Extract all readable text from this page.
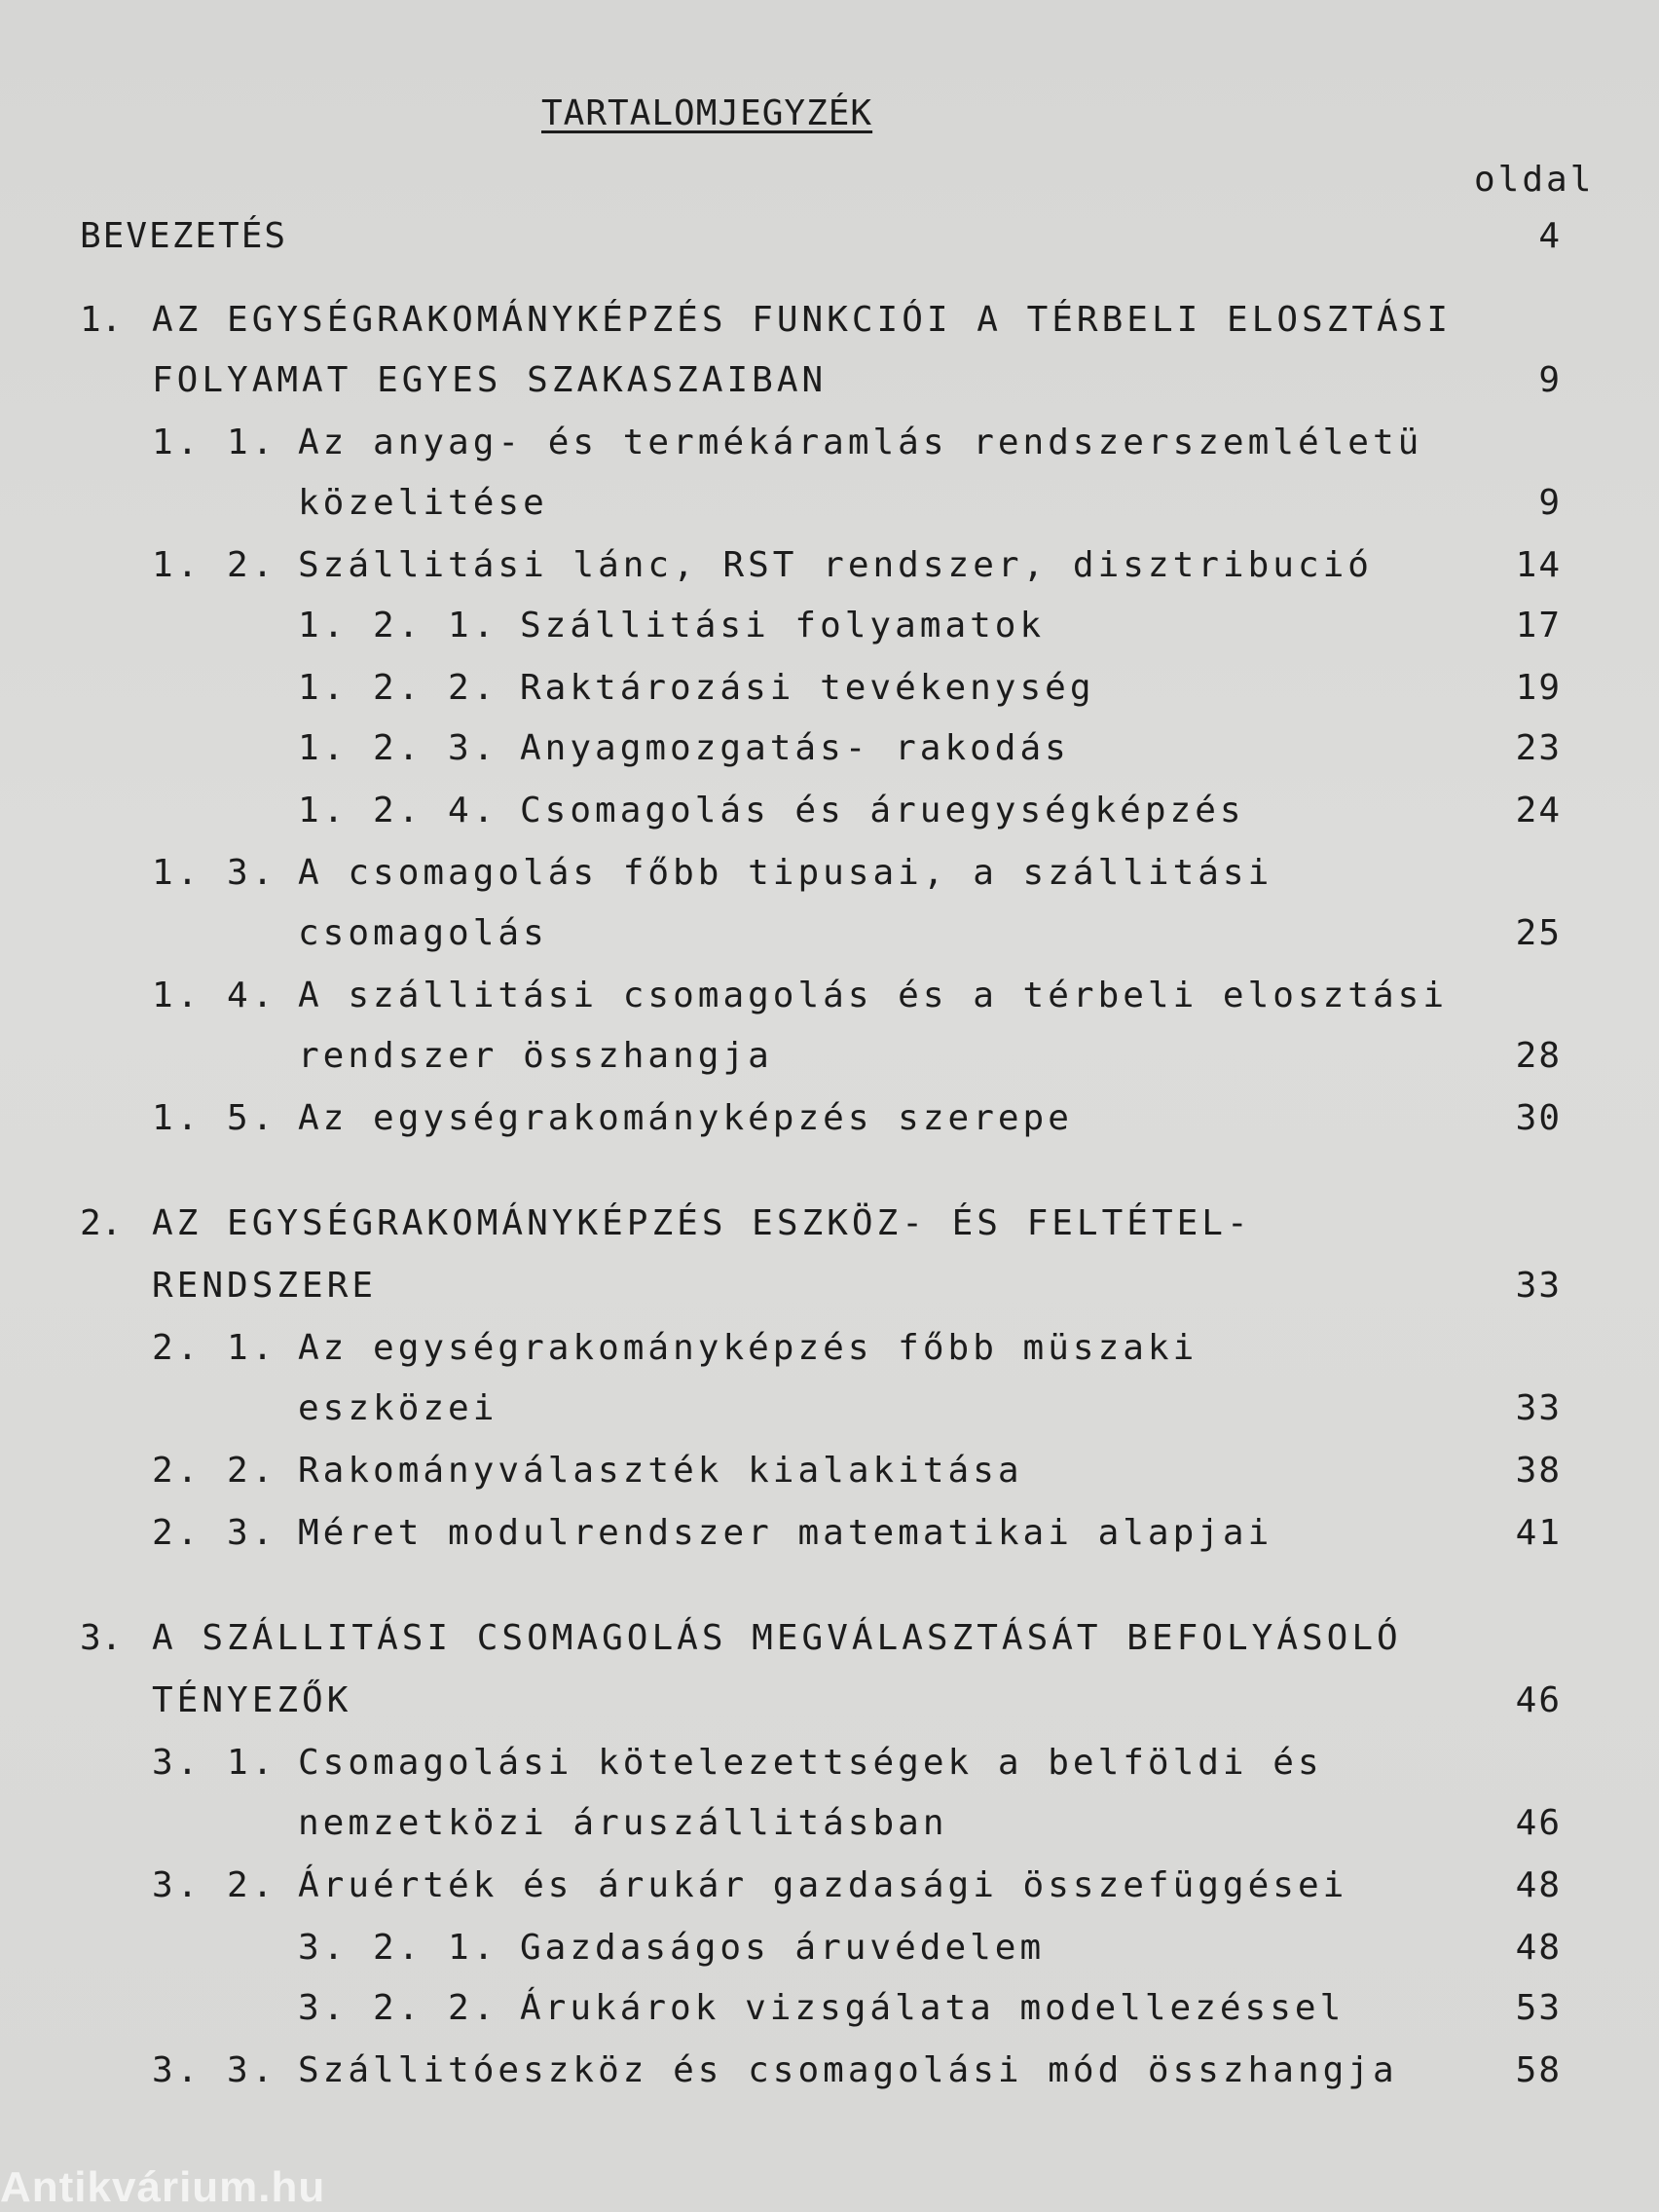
TARTALOMJEGYZÉK
oldal
BEVEZETÉS	4
1. AZ EGYSÉGRAKOMÁNYKÉPZÉS FUNKCIÓI A TÉRBELI ELOSZTÁSI
FOLYAMAT EGYES SZAKASZAIBAN	9
1. 1. Az anyag- és termékáramlás rendszerszemléletü
közelitése	9
1. 2. Szállitási lánc, RST rendszer, disztribució	14
1. 2. 1. Szállitási folyamatok	17
1. 2. 2. Raktározási tevékenység	19
1. 2. 3. Anyagmozgatás- rakodás	23
1. 2. 4. Csomagolás és áruegységképzés	24
1. 3. A csomagolás főbb tipusai, a szállitási
csomagolás	25
1. 4. A szállitási csomagolás és a térbeli elosztási
rendszer összhangja	28
1. 5. Az egységrakományképzés szerepe	30
2. AZ EGYSÉGRAKOMÁNYKÉPZÉS ESZKÖZ- ÉS FELTÉTEL-
RENDSZERE	33
2. 1. Az egységrakományképzés főbb müszaki
eszközei	33
2. 2. Rakományválaszték kialakitása	38
2. 3. Méret modulrendszer matematikai alapjai	41
3. A SZÁLLITÁSI CSOMAGOLÁS MEGVÁLASZTÁSÁT BEFOLYÁSOLÓ
TÉNYEZŐK	46
3. 1. Csomagolási kötelezettségek a belföldi és
nemzetközi áruszállitásban	46
3. 2. Áruérték és árukár gazdasági összefüggései	48
3. 2. 1. Gazdaságos áruvédelem	48
3. 2. 2. Árukárok vizsgálata modellezéssel	53
3. 3. Szállitóeszköz és csomagolási mód összhangja	58
Antikvárium.hu
